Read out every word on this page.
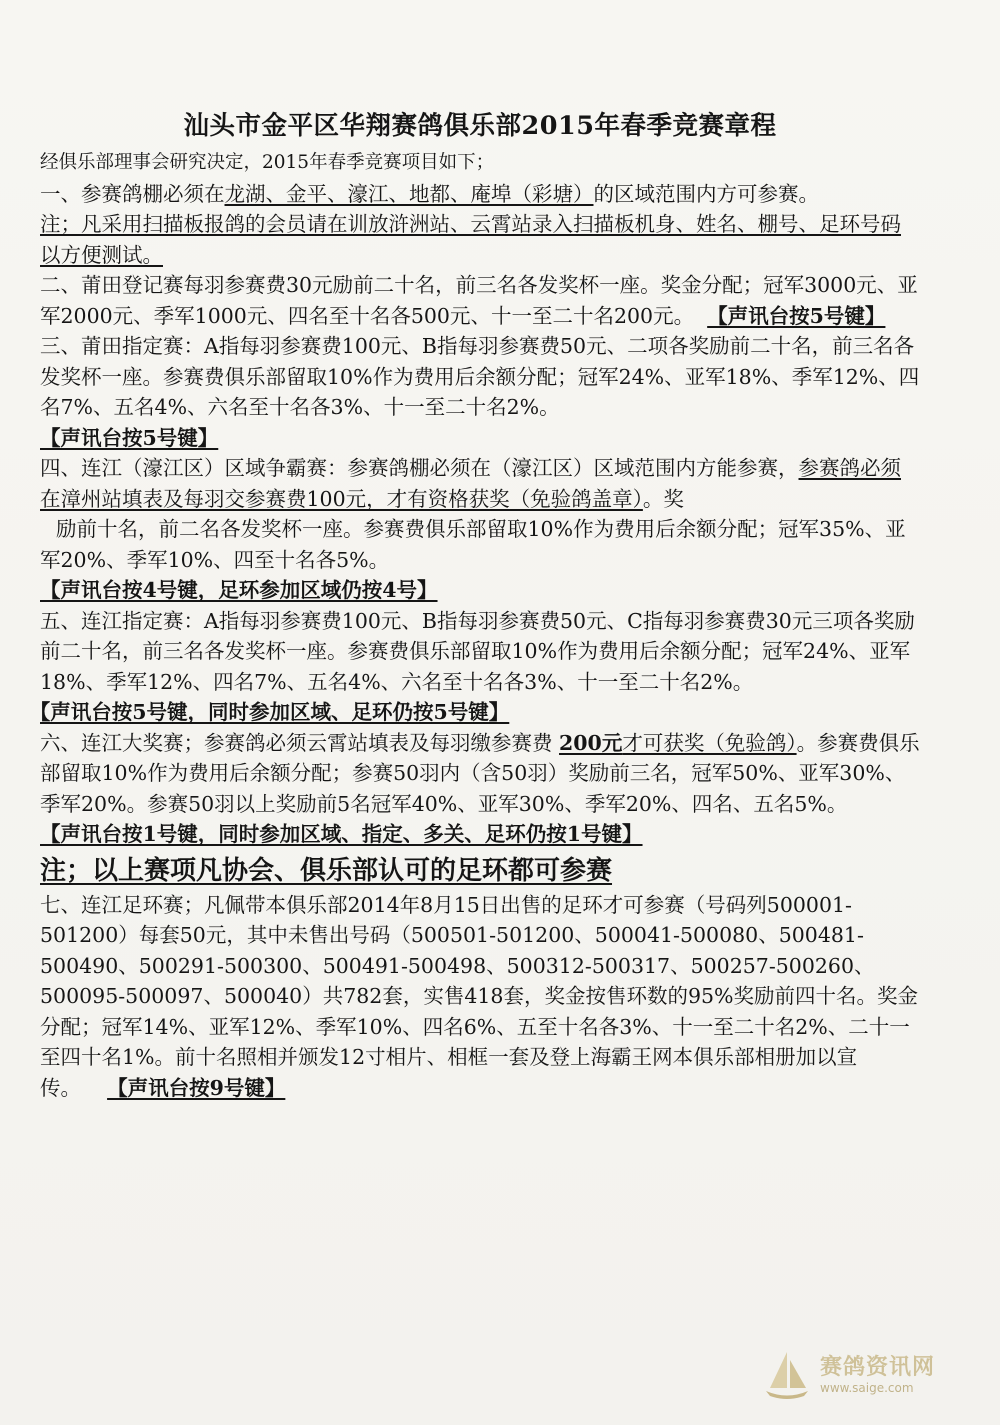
汕头市金平区华翔赛鸽俱乐部2015年春季竞赛章程
经俱乐部理事会研究决定，2015年春季竞赛项目如下；
一、参赛鸽棚必须在龙湖、金平、濠江、地都、庵埠（彩塘）的区域范围内方可参赛。
注；凡采用扫描板报鸽的会员请在训放浒洲站、云霄站录入扫描板机身、姓名、棚号、足环号码以方便测试。
二、莆田登记赛每羽参赛费30元励前二十名，前三名各发奖杯一座。奖金分配；冠军3000元、亚军2000元、季军1000元、四名至十名各500元、十一至二十名200元。 【声讯台按5号键】
三、莆田指定赛：A指每羽参赛费100元、B指每羽参赛费50元、二项各奖励前二十名，前三名各发奖杯一座。参赛费俱乐部留取10%作为费用后余额分配；冠军24%、亚军18%、季军12%、四名7%、五名4%、六名至十名各3%、十一至二十名2%。
【声讯台按5号键】
四、连江（濠江区）区域争霸赛：参赛鸽棚必须在（濠江区）区域范围内方能参赛，参赛鸽必须在漳州站填表及每羽交参赛费100元，才有资格获奖（免验鸽盖章）。奖
励前十名，前二名各发奖杯一座。参赛费俱乐部留取10%作为费用后余额分配；冠军35%、亚军20%、季军10%、四至十名各5%。
【声讯台按4号键，足环参加区域仍按4号】
五、连江指定赛：A指每羽参赛费100元、B指每羽参赛费50元、C指每羽参赛费30元三项各奖励前二十名，前三名各发奖杯一座。参赛费俱乐部留取10%作为费用后余额分配；冠军24%、亚军18%、季军12%、四名7%、五名4%、六名至十名各3%、十一至二十名2%。【声讯台按5号键，同时参加区域、足环仍按5号键】
六、连江大奖赛；参赛鸽必须云霄站填表及每羽缴参赛费 200元才可获奖（免验鸽）。参赛费俱乐部留取10%作为费用后余额分配；参赛50羽内（含50羽）奖励前三名，冠军50%、亚军30%、季军20%。参赛50羽以上奖励前5名冠军40%、亚军30%、季军20%、四名、五名5%。
【声讯台按1号键，同时参加区域、指定、多关、足环仍按1号键】
注；以上赛项凡协会、俱乐部认可的足环都可参赛
七、连江足环赛；凡佩带本俱乐部2014年8月15日出售的足环才可参赛（号码列500001-501200）每套50元，其中未售出号码（500501-501200、500041-500080、500481-500490、500291-500300、500491-500498、500312-500317、500257-500260、500095-500097、500040）共782套，实售418套，奖金按售环数的95%奖励前四十名。奖金分配；冠军14%、亚军12%、季军10%、四名6%、五至十名各3%、十一至二十名2%、二十一至四十名1%。前十名照相并颁发12寸相片、相框一套及登上海霸王网本俱乐部相册加以宣传。 【声讯台按9号键】
赛鸽资讯网
www.saige.com
